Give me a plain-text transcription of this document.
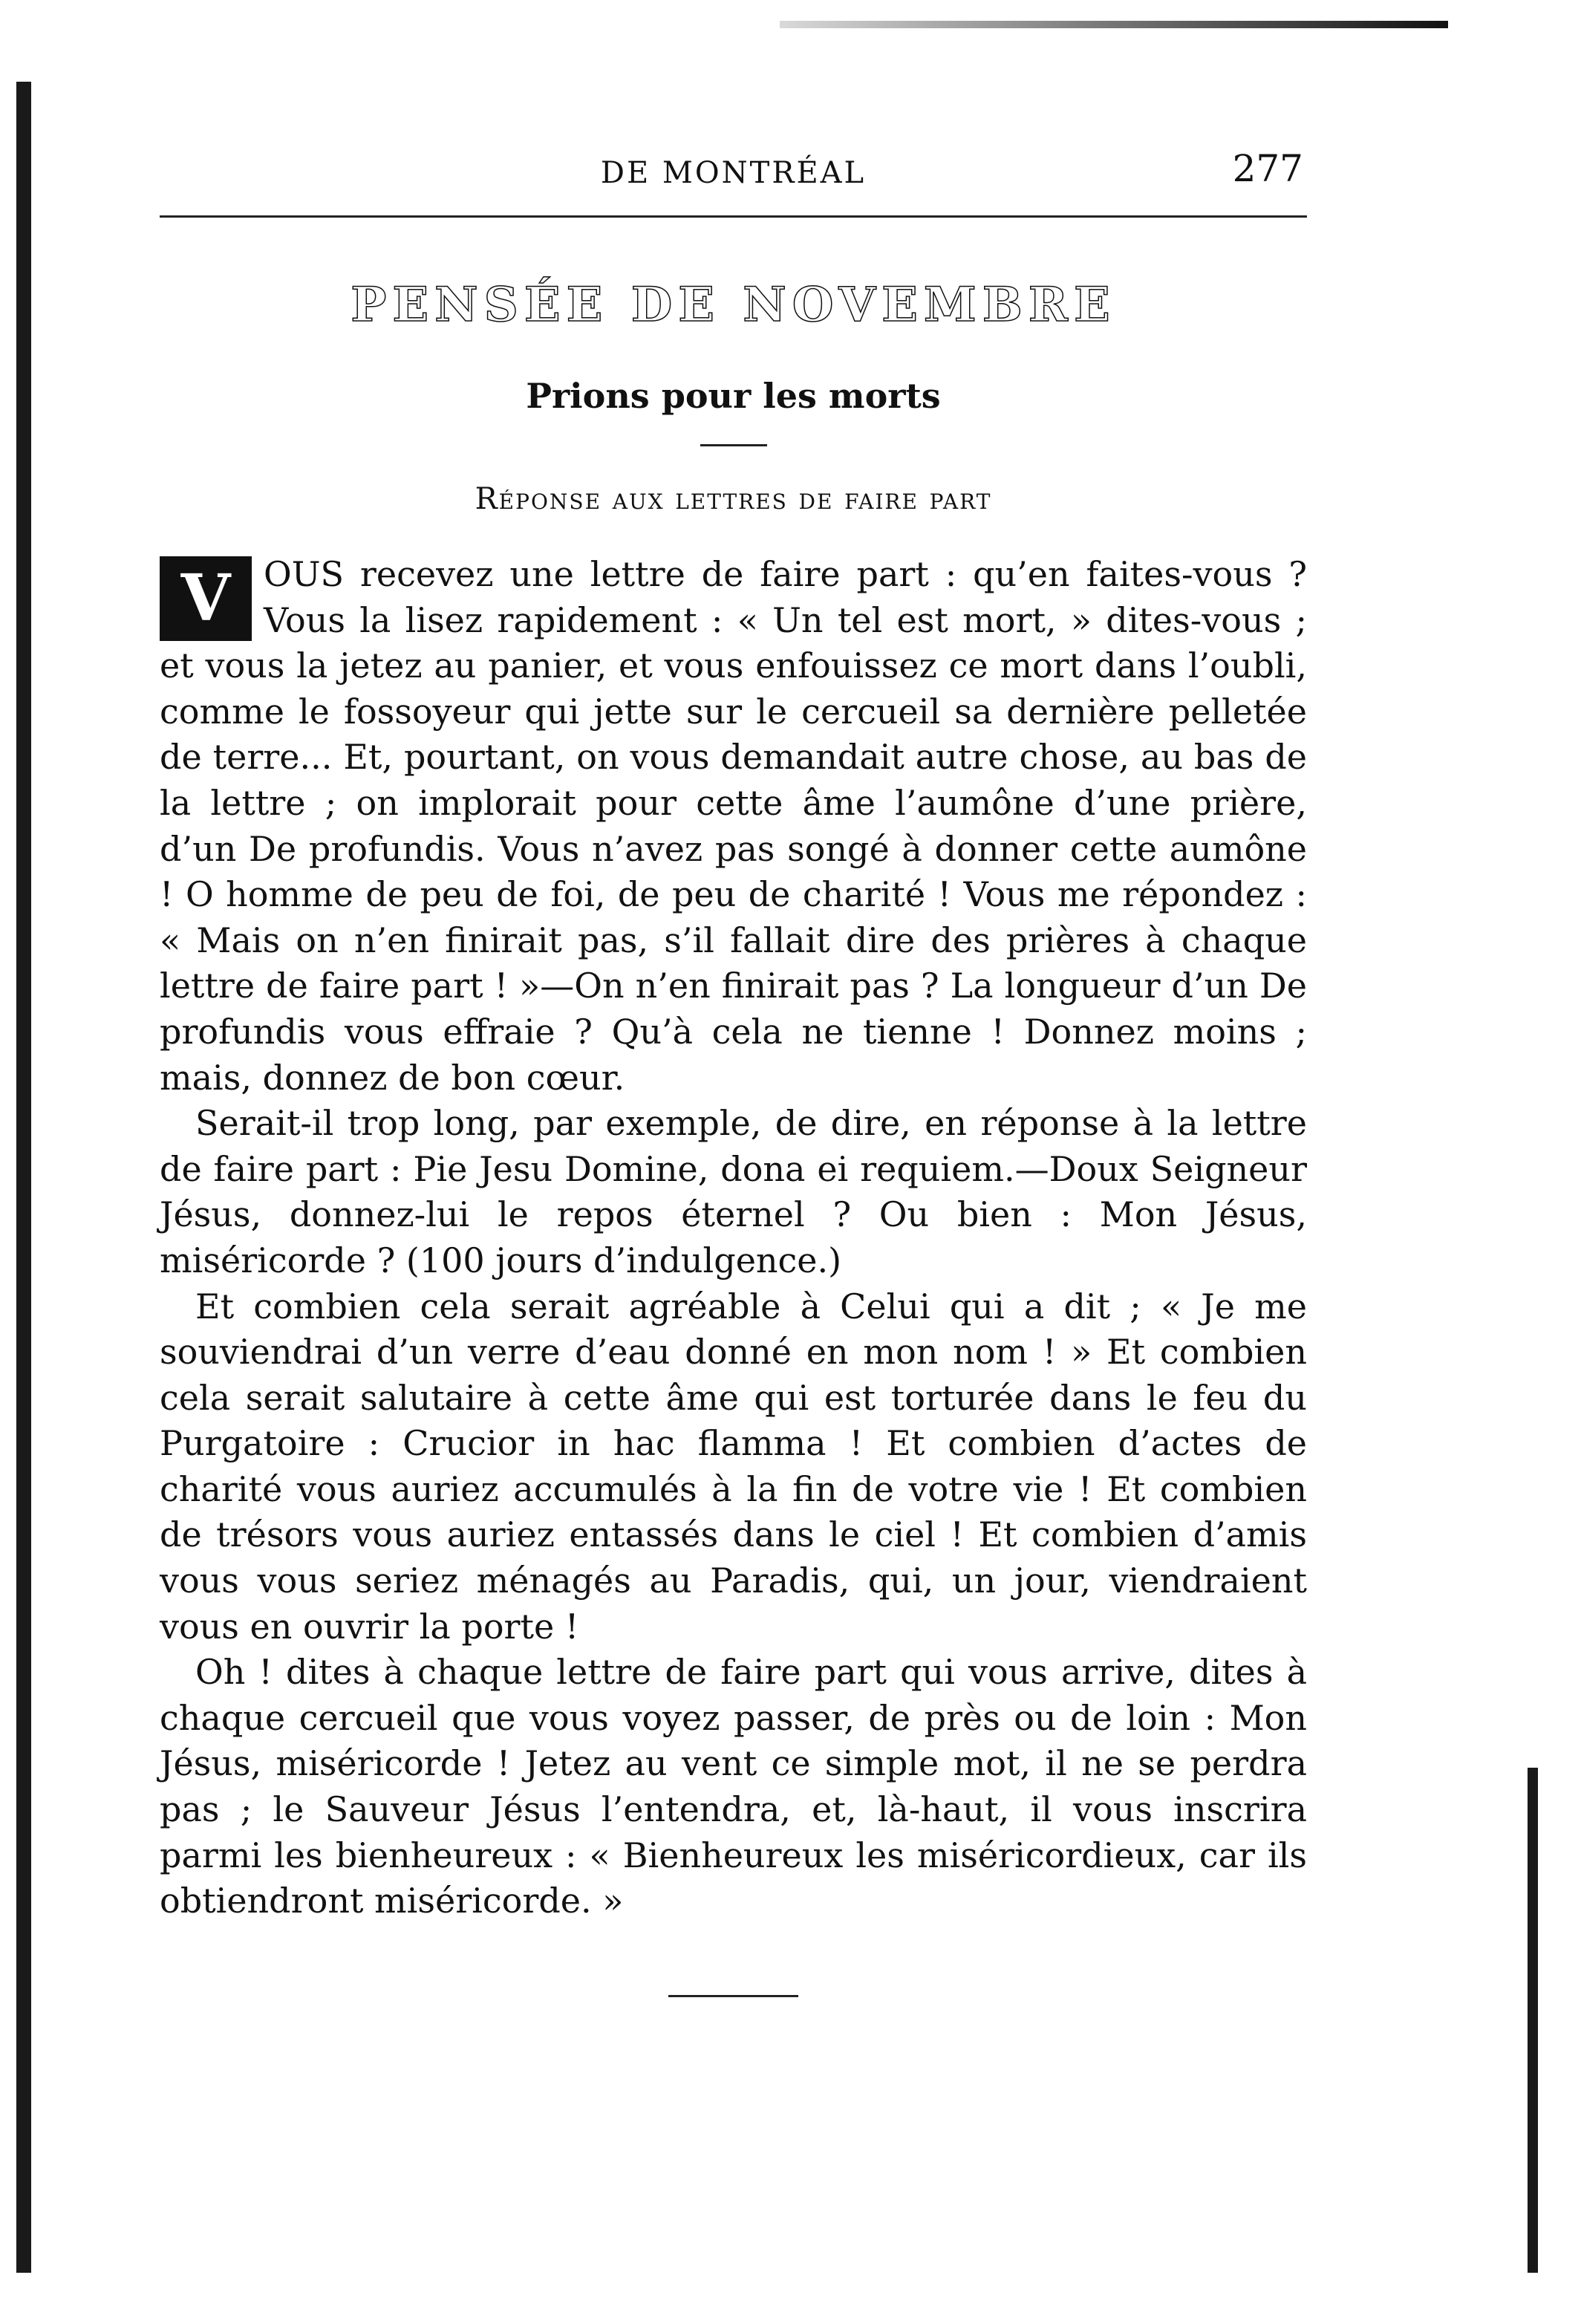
DE MONTRÉAL	277
PENSÉE DE NOVEMBRE
Prions pour les morts
Réponse aux lettres de faire part

V OUS recevez une lettre de faire part : qu’en faites-vous ? Vous la lisez rapidement : « Un tel est mort, » dites-vous ; et vous la jetez au panier, et vous enfouissez ce mort dans l’oubli, comme le fossoyeur qui jette sur le cercueil sa dernière pelletée de terre... Et, pourtant, on vous demandait autre chose, au bas de la lettre ; on implorait pour cette âme l’aumône d’une prière, d’un De profundis. Vous n’avez pas songé à donner cette aumône ! O homme de peu de foi, de peu de charité ! Vous me répondez : « Mais on n’en finirait pas, s’il fallait dire des prières à chaque lettre de faire part ! »—On n’en finirait pas ? La longueur d’un De profundis vous effraie ? Qu’à cela ne tienne ! Donnez moins ; mais, donnez de bon cœur.

Serait-il trop long, par exemple, de dire, en réponse à la lettre de faire part : Pie Jesu Domine, dona ei requiem.—Doux Seigneur Jésus, donnez-lui le repos éternel ? Ou bien : Mon Jésus, miséricorde ? (100 jours d’indulgence.)

Et combien cela serait agréable à Celui qui a dit ; « Je me souviendrai d’un verre d’eau donné en mon nom ! » Et combien cela serait salutaire à cette âme qui est torturée dans le feu du Purgatoire : Crucior in hac flamma ! Et combien d’actes de charité vous auriez accumulés à la fin de votre vie ! Et combien de trésors vous auriez entassés dans le ciel ! Et combien d’amis vous vous seriez ménagés au Paradis, qui, un jour, viendraient vous en ouvrir la porte !

Oh ! dites à chaque lettre de faire part qui vous arrive, dites à chaque cercueil que vous voyez passer, de près ou de loin : Mon Jésus, miséricorde ! Jetez au vent ce simple mot, il ne se perdra pas ; le Sauveur Jésus l’entendra, et, là-haut, il vous inscrira parmi les bienheureux : « Bienheureux les miséricordieux, car ils obtiendront miséricorde. »
